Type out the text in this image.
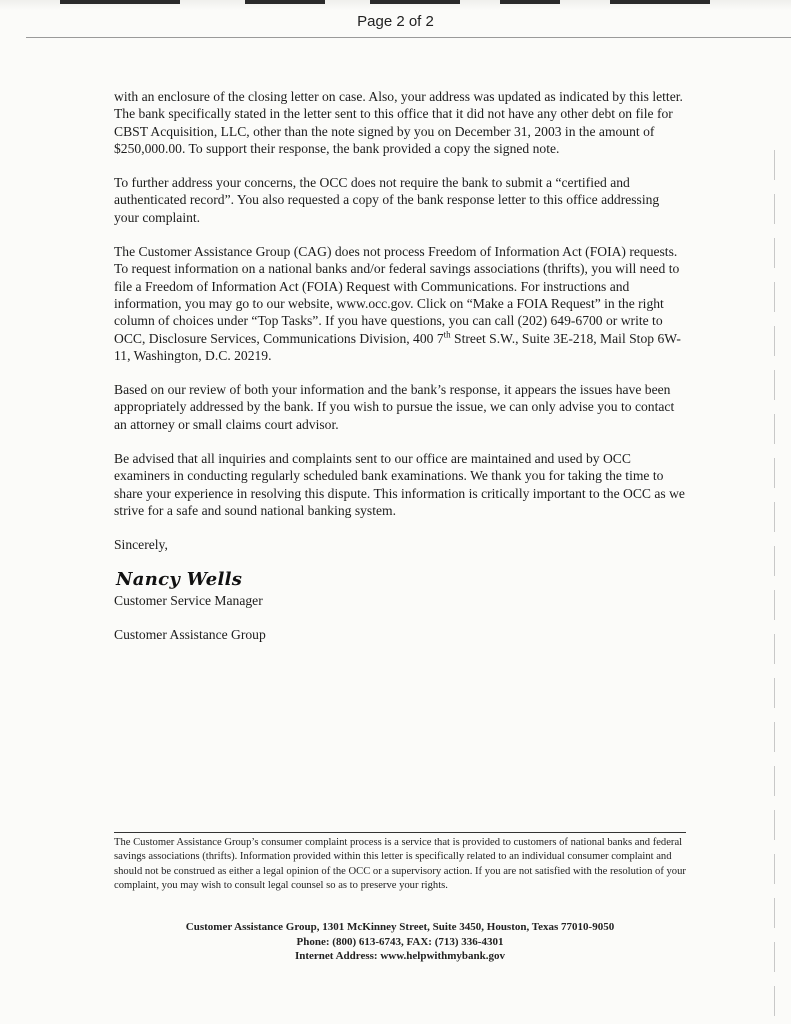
Page 2 of 2

with an enclosure of the closing letter on case. Also, your address was updated as indicated by this letter. The bank specifically stated in the letter sent to this office that it did not have any other debt on file for CBST Acquisition, LLC, other than the note signed by you on December 31, 2003 in the amount of $250,000.00. To support their response, the bank provided a copy the signed note.

To further address your concerns, the OCC does not require the bank to submit a “certified and authenticated record”. You also requested a copy of the bank response letter to this office addressing your complaint.

The Customer Assistance Group (CAG) does not process Freedom of Information Act (FOIA) requests. To request information on a national banks and/or federal savings associations (thrifts), you will need to file a Freedom of Information Act (FOIA) Request with Communications. For instructions and information, you may go to our website, www.occ.gov. Click on “Make a FOIA Request” in the right column of choices under “Top Tasks”. If you have questions, you can call (202) 649-6700 or write to OCC, Disclosure Services, Communications Division, 400 7th Street S.W., Suite 3E-218, Mail Stop 6W-11, Washington, D.C. 20219.

Based on our review of both your information and the bank’s response, it appears the issues have been appropriately addressed by the bank. If you wish to pursue the issue, we can only advise you to contact an attorney or small claims court advisor.

Be advised that all inquiries and complaints sent to our office are maintained and used by OCC examiners in conducting regularly scheduled bank examinations. We thank you for taking the time to share your experience in resolving this dispute. This information is critically important to the OCC as we strive for a safe and sound national banking system.

Sincerely,

Nancy Wells

Customer Service Manager

Customer Assistance Group

The Customer Assistance Group’s consumer complaint process is a service that is provided to customers of national banks and federal savings associations (thrifts). Information provided within this letter is specifically related to an individual consumer complaint and should not be construed as either a legal opinion of the OCC or a supervisory action. If you are not satisfied with the resolution of your complaint, you may wish to consult legal counsel so as to preserve your rights.
Customer Assistance Group, 1301 McKinney Street, Suite 3450, Houston, Texas 77010-9050
Phone: (800) 613-6743, FAX: (713) 336-4301
Internet Address: www.helpwithmybank.gov
